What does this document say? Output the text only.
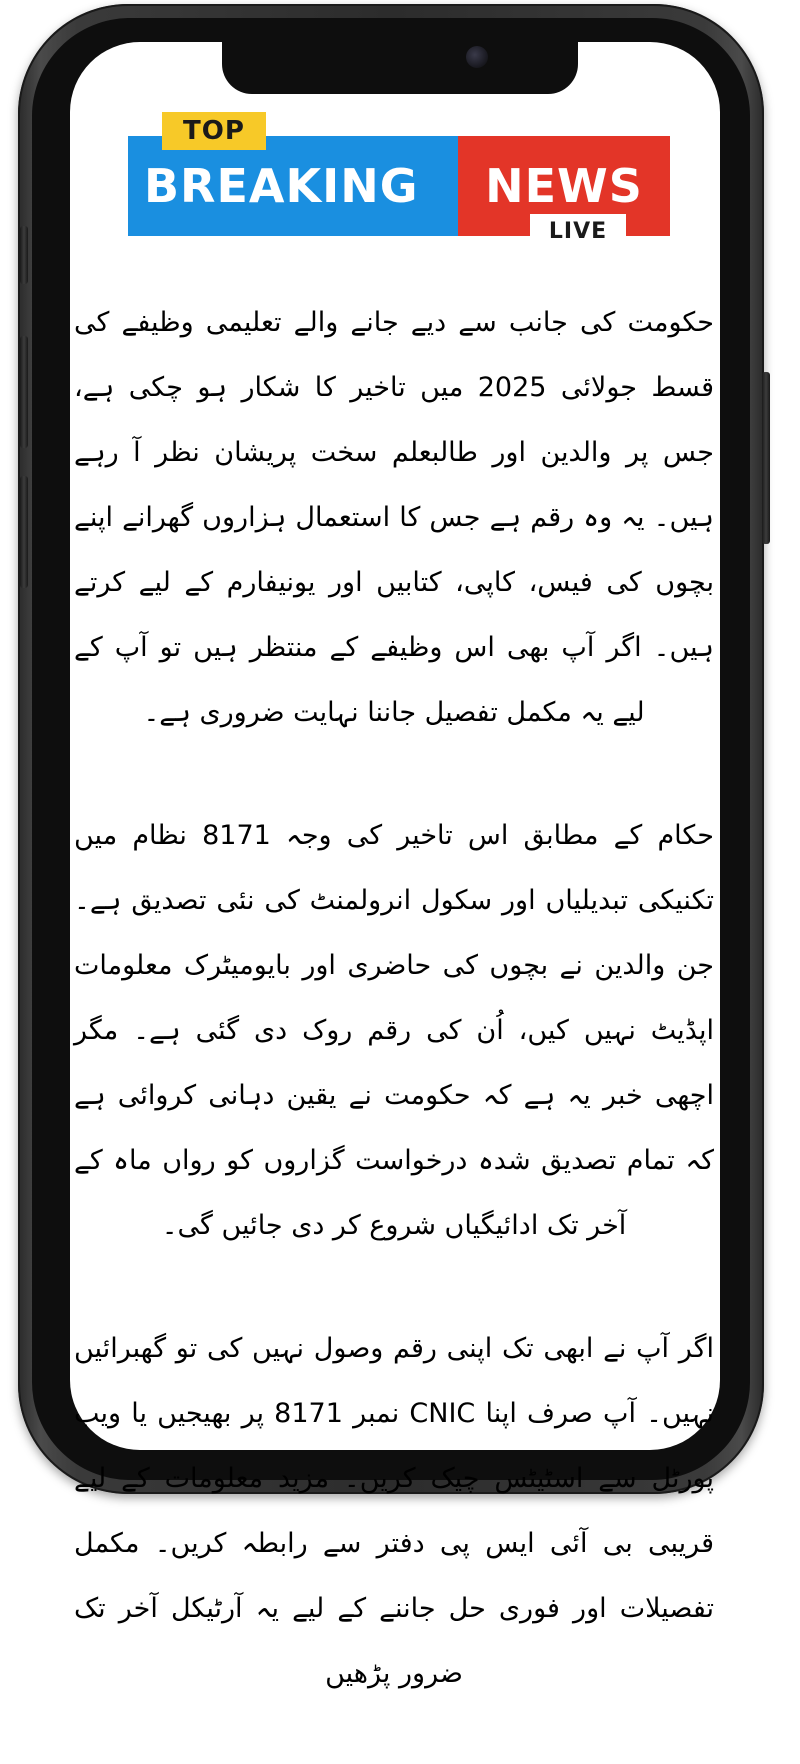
TOP
BREAKING	NEWS
LIVE

حکومت کی جانب سے دیے جانے والے تعلیمی وظیفے کی قسط جولائی 2025 میں تاخیر کا شکار ہو چکی ہے، جس پر والدین اور طالبعلم سخت پریشان نظر آ رہے ہیں۔ یہ وہ رقم ہے جس کا استعمال ہزاروں گھرانے اپنے بچوں کی فیس، کاپی، کتابیں اور یونیفارم کے لیے کرتے ہیں۔ اگر آپ بھی اس وظیفے کے منتظر ہیں تو آپ کے لیے یہ مکمل تفصیل جاننا نہایت ضروری ہے۔

حکام کے مطابق اس تاخیر کی وجہ 8171 نظام میں تکنیکی تبدیلیاں اور سکول انرولمنٹ کی نئی تصدیق ہے۔ جن والدین نے بچوں کی حاضری اور بایومیٹرک معلومات اپڈیٹ نہیں کیں، اُن کی رقم روک دی گئی ہے۔ مگر اچھی خبر یہ ہے کہ حکومت نے یقین دہانی کروائی ہے کہ تمام تصدیق شدہ درخواست گزاروں کو رواں ماہ کے آخر تک ادائیگیاں شروع کر دی جائیں گی۔

اگر آپ نے ابھی تک اپنی رقم وصول نہیں کی تو گھبرائیں نہیں۔ آپ صرف اپنا CNIC نمبر 8171 پر بھیجیں یا ویب پورٹل سے اسٹیٹس چیک کریں۔ مزید معلومات کے لیے قریبی بی آئی ایس پی دفتر سے رابطہ کریں۔ مکمل تفصیلات اور فوری حل جاننے کے لیے یہ آرٹیکل آخر تک ضرور پڑھیں
